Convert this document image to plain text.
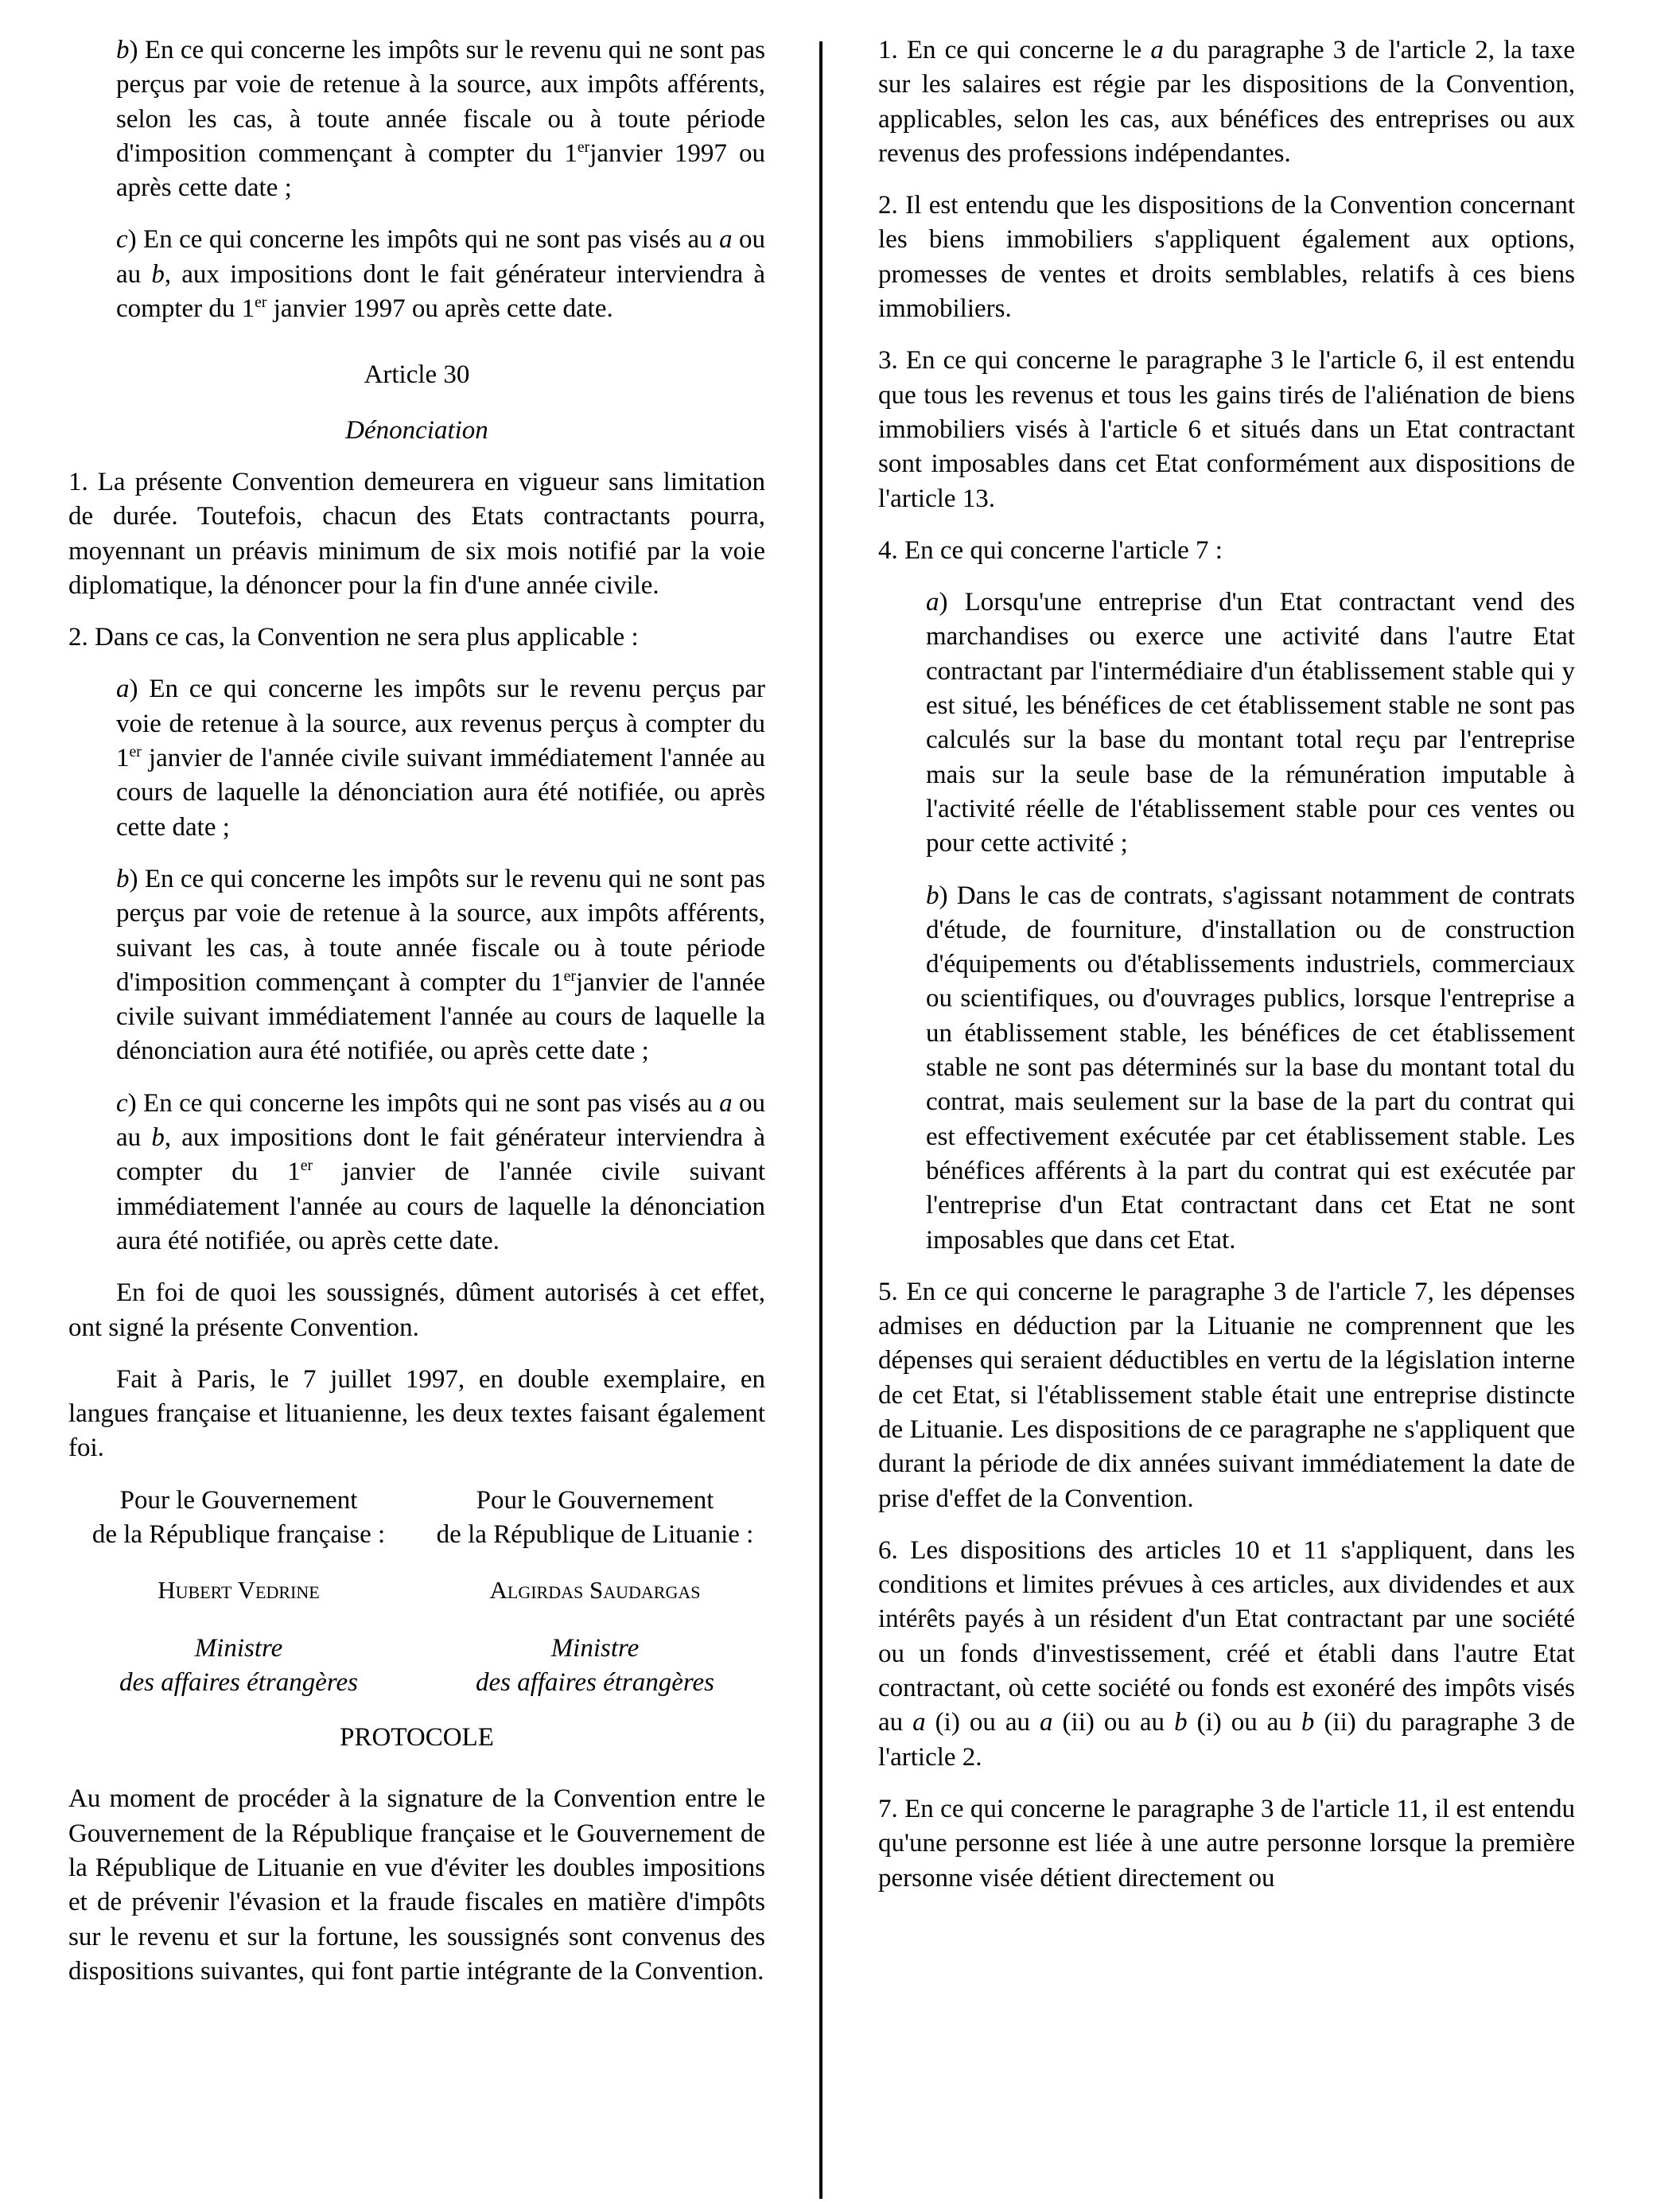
b) En ce qui concerne les impôts sur le revenu qui ne sont pas perçus par voie de retenue à la source, aux impôts afférents, selon les cas, à toute année fiscale ou à toute période d'imposition commençant à compter du 1erjanvier 1997 ou après cette date ;

c) En ce qui concerne les impôts qui ne sont pas visés au a ou au b, aux impositions dont le fait générateur interviendra à compter du 1er janvier 1997 ou après cette date.

Article 30

Dénonciation

1. La présente Convention demeurera en vigueur sans limitation de durée. Toutefois, chacun des Etats contractants pourra, moyennant un préavis minimum de six mois notifié par la voie diplomatique, la dénoncer pour la fin d'une année civile.

2. Dans ce cas, la Convention ne sera plus applicable :

a) En ce qui concerne les impôts sur le revenu perçus par voie de retenue à la source, aux revenus perçus à compter du 1er janvier de l'année civile suivant immédiatement l'année au cours de laquelle la dénonciation aura été notifiée, ou après cette date ;

b) En ce qui concerne les impôts sur le revenu qui ne sont pas perçus par voie de retenue à la source, aux impôts afférents, suivant les cas, à toute année fiscale ou à toute période d'imposition commençant à compter du 1erjanvier de l'année civile suivant immédiatement l'année au cours de laquelle la dénonciation aura été notifiée, ou après cette date ;

c) En ce qui concerne les impôts qui ne sont pas visés au a ou au b, aux impositions dont le fait générateur interviendra à compter du 1er janvier de l'année civile suivant immédiatement l'année au cours de laquelle la dénonciation aura été notifiée, ou après cette date.

En foi de quoi les soussignés, dûment autorisés à cet effet, ont signé la présente Convention.

Fait à Paris, le 7 juillet 1997, en double exemplaire, en langues française et lituanienne, les deux textes faisant également foi.

Pour le Gouvernement
de la République française :
Pour le Gouvernement
de la République de Lituanie :
Hubert Vedrine	Algirdas Saudargas
Ministre
des affaires étrangères
Ministre
des affaires étrangères

PROTOCOLE

Au moment de procéder à la signature de la Convention entre le Gouvernement de la République française et le Gouvernement de la République de Lituanie en vue d'éviter les doubles impositions et de prévenir l'évasion et la fraude fiscales en matière d'impôts sur le revenu et sur la fortune, les soussignés sont convenus des dispositions suivantes, qui font partie intégrante de la Convention.

1. En ce qui concerne le a du paragraphe 3 de l'article 2, la taxe sur les salaires est régie par les dispositions de la Convention, applicables, selon les cas, aux bénéfices des entreprises ou aux revenus des professions indépendantes.

2. Il est entendu que les dispositions de la Convention concernant les biens immobiliers s'appliquent également aux options, promesses de ventes et droits semblables, relatifs à ces biens immobiliers.

3. En ce qui concerne le paragraphe 3 le l'article 6, il est entendu que tous les revenus et tous les gains tirés de l'aliénation de biens immobiliers visés à l'article 6 et situés dans un Etat contractant sont imposables dans cet Etat conformément aux dispositions de l'article 13.

4. En ce qui concerne l'article 7 :

a) Lorsqu'une entreprise d'un Etat contractant vend des marchandises ou exerce une activité dans l'autre Etat contractant par l'intermédiaire d'un établissement stable qui y est situé, les bénéfices de cet établissement stable ne sont pas calculés sur la base du montant total reçu par l'entreprise mais sur la seule base de la rémunération imputable à l'activité réelle de l'établissement stable pour ces ventes ou pour cette activité ;

b) Dans le cas de contrats, s'agissant notamment de contrats d'étude, de fourniture, d'installation ou de construction d'équipements ou d'établissements industriels, commerciaux ou scientifiques, ou d'ouvrages publics, lorsque l'entreprise a un établissement stable, les bénéfices de cet établissement stable ne sont pas déterminés sur la base du montant total du contrat, mais seulement sur la base de la part du contrat qui est effectivement exécutée par cet établissement stable. Les bénéfices afférents à la part du contrat qui est exécutée par l'entreprise d'un Etat contractant dans cet Etat ne sont imposables que dans cet Etat.

5. En ce qui concerne le paragraphe 3 de l'article 7, les dépenses admises en déduction par la Lituanie ne comprennent que les dépenses qui seraient déductibles en vertu de la législation interne de cet Etat, si l'établissement stable était une entreprise distincte de Lituanie. Les dispositions de ce paragraphe ne s'appliquent que durant la période de dix années suivant immédiatement la date de prise d'effet de la Convention.

6. Les dispositions des articles 10 et 11 s'appliquent, dans les conditions et limites prévues à ces articles, aux dividendes et aux intérêts payés à un résident d'un Etat contractant par une société ou un fonds d'investissement, créé et établi dans l'autre Etat contractant, où cette société ou fonds est exonéré des impôts visés au a (i) ou au a (ii) ou au b (i) ou au b (ii) du paragraphe 3 de l'article 2.

7. En ce qui concerne le paragraphe 3 de l'article 11, il est entendu qu'une personne est liée à une autre personne lorsque la première personne visée détient directement ou
